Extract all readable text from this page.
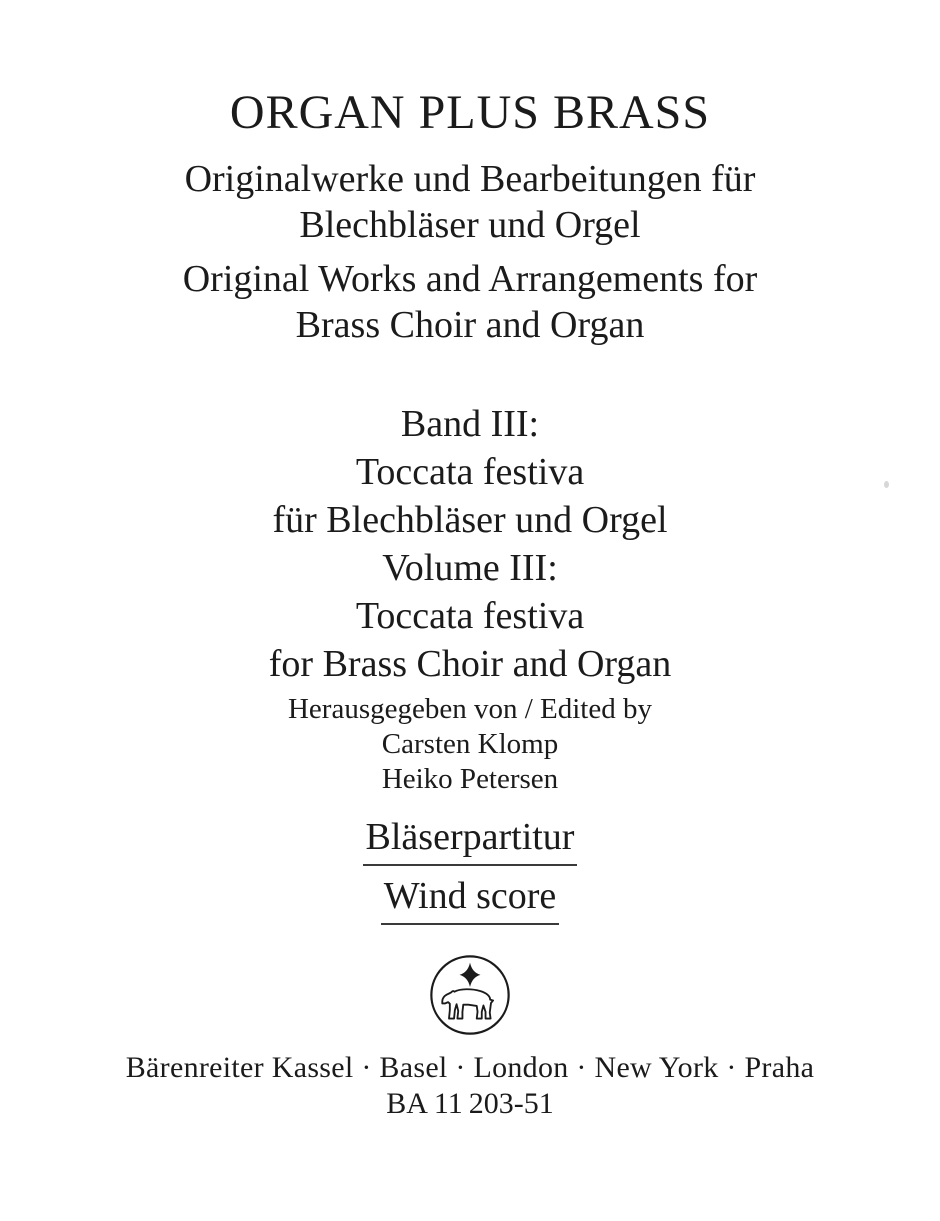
ORGAN PLUS BRASS
Originalwerke und Bearbeitungen für
Blechbläser und Orgel
Original Works and Arrangements for
Brass Choir and Organ
Band III:
Toccata festiva
für Blechbläser und Orgel
Volume III:
Toccata festiva
for Brass Choir and Organ
Herausgegeben von / Edited by
Carsten Klomp
Heiko Petersen
Bläserpartitur
Wind score
Bärenreiter Kassel · Basel · London · New York · Praha
BA 11 203-51
